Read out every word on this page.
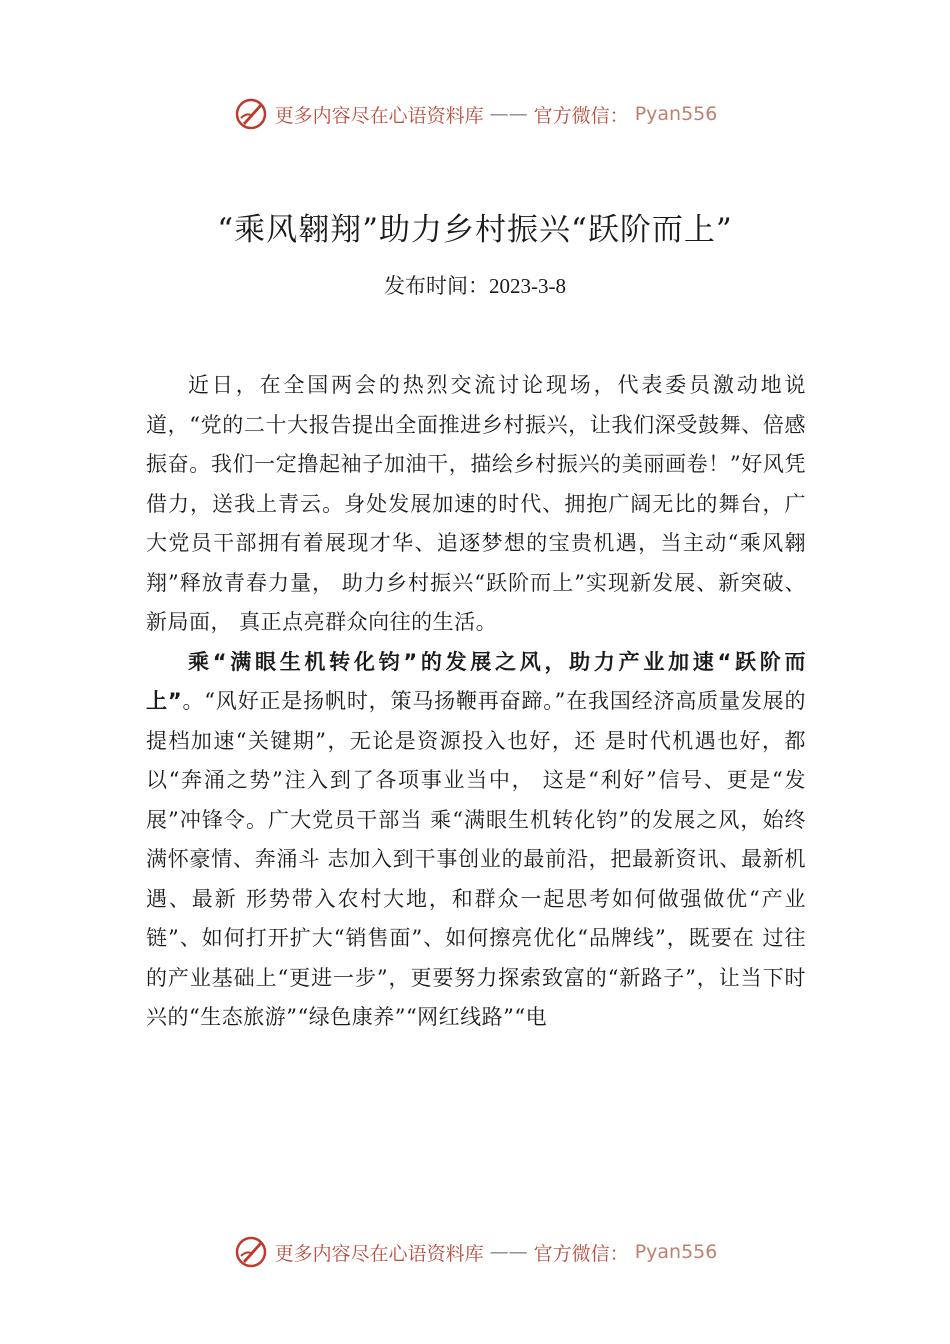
更多内容尽在心语资料库 —— 官方微信： Pyan556
“乘风翱翔”助力乡村振兴“跃阶而上”
发布时间：2023-3-8

近日，在全国两会的热烈交流讨论现场，代表委员激动地说道，“党的二十大报告提出全面推进乡村振兴，让我们深受鼓舞、倍感振奋。我们一定撸起袖子加油干，描绘乡村振兴的美丽画卷！”好风凭借力，送我上青云。身处发展加速的时代、拥抱广阔无比的舞台，广大党员干部拥有着展现才华、追逐梦想的宝贵机遇，当主动“乘风翱翔”释放青春力量， 助力乡村振兴“跃阶而上”实现新发展、新突破、新局面， 真正点亮群众向往的生活。

乘“满眼生机转化钧”的发展之风，助力产业加速“跃阶而上”。“风好正是扬帆时，策马扬鞭再奋蹄。”在我国经济高质量发展的提档加速“关键期”，无论是资源投入也好，还 是时代机遇也好，都以“奔涌之势”注入到了各项事业当中， 这是“利好”信号、更是“发展”冲锋令。广大党员干部当 乘“满眼生机转化钧”的发展之风，始终满怀豪情、奔涌斗 志加入到干事创业的最前沿，把最新资讯、最新机遇、最新 形势带入农村大地，和群众一起思考如何做强做优“产业链”、如何打开扩大“销售面”、如何擦亮优化“品牌线”，既要在 过往的产业基础上“更进一步”，更要努力探索致富的“新路子”，让当下时兴的“生态旅游”“绿色康养”“网红线路”“电

更多内容尽在心语资料库 —— 官方微信： Pyan556
